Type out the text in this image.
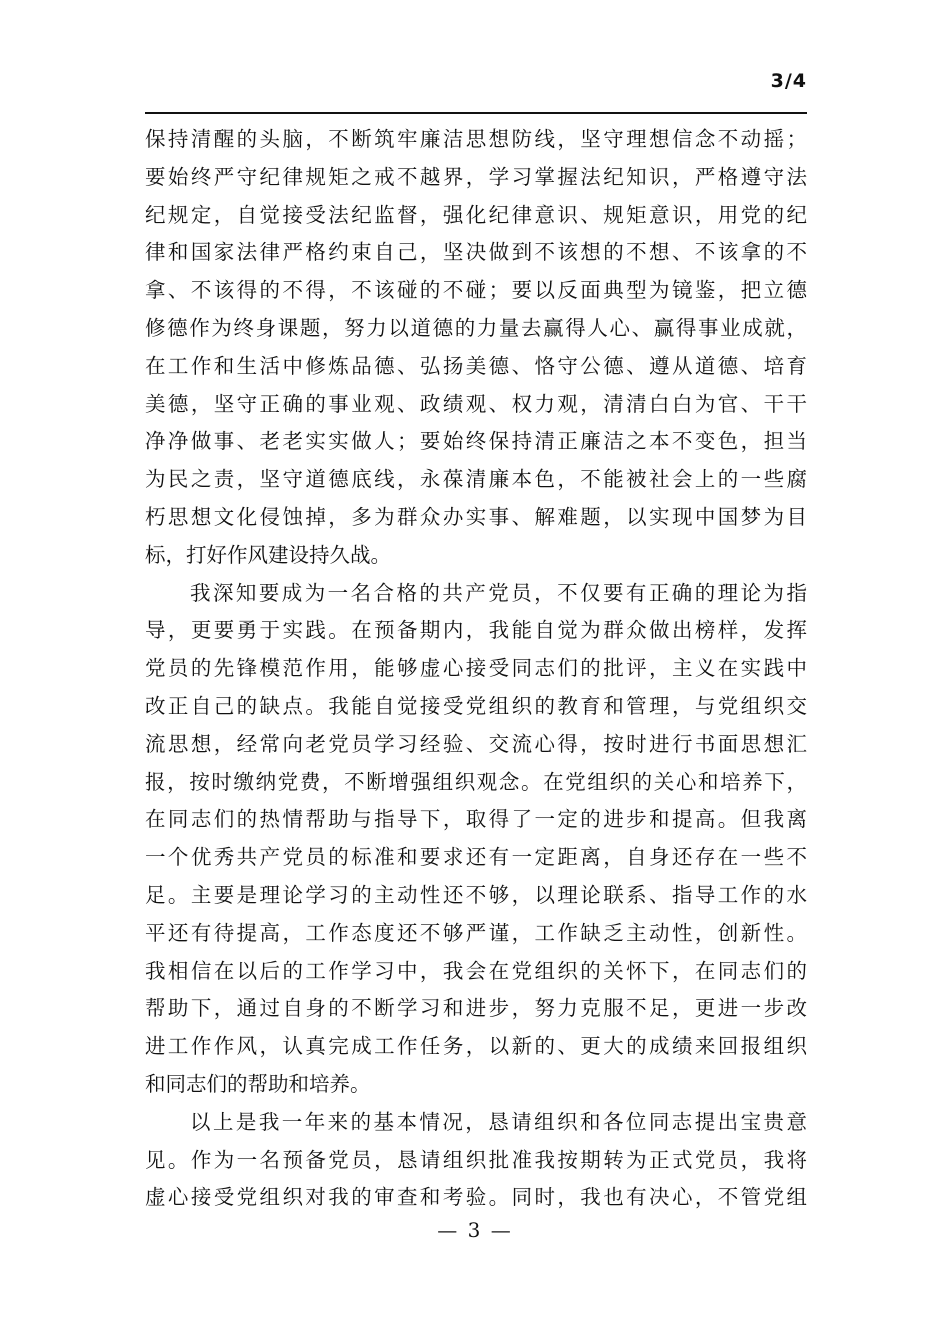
3/4
保持清醒的头脑，不断筑牢廉洁思想防线，坚守理想信念不动摇；
要始终严守纪律规矩之戒不越界，学习掌握法纪知识，严格遵守法
纪规定，自觉接受法纪监督，强化纪律意识、规矩意识，用党的纪
律和国家法律严格约束自己，坚决做到不该想的不想、不该拿的不
拿、不该得的不得，不该碰的不碰；要以反面典型为镜鉴，把立德
修德作为终身课题，努力以道德的力量去赢得人心、赢得事业成就，
在工作和生活中修炼品德、弘扬美德、恪守公德、遵从道德、培育
美德，坚守正确的事业观、政绩观、权力观，清清白白为官、干干
净净做事、老老实实做人；要始终保持清正廉洁之本不变色，担当
为民之责，坚守道德底线，永葆清廉本色，不能被社会上的一些腐
朽思想文化侵蚀掉，多为群众办实事、解难题，以实现中国梦为目
标，打好作风建设持久战。
我深知要成为一名合格的共产党员，不仅要有正确的理论为指
导，更要勇于实践。在预备期内，我能自觉为群众做出榜样，发挥
党员的先锋模范作用，能够虚心接受同志们的批评，主义在实践中
改正自己的缺点。我能自觉接受党组织的教育和管理，与党组织交
流思想，经常向老党员学习经验、交流心得，按时进行书面思想汇
报，按时缴纳党费，不断增强组织观念。在党组织的关心和培养下，
在同志们的热情帮助与指导下，取得了一定的进步和提高。但我离
一个优秀共产党员的标准和要求还有一定距离，自身还存在一些不
足。主要是理论学习的主动性还不够，以理论联系、指导工作的水
平还有待提高，工作态度还不够严谨，工作缺乏主动性，创新性。
我相信在以后的工作学习中，我会在党组织的关怀下，在同志们的
帮助下，通过自身的不断学习和进步，努力克服不足，更进一步改
进工作作风，认真完成工作任务，以新的、更大的成绩来回报组织
和同志们的帮助和培养。
以上是我一年来的基本情况，恳请组织和各位同志提出宝贵意
见。作为一名预备党员，恳请组织批准我按期转为正式党员，我将
虚心接受党组织对我的审查和考验。同时，我也有决心，不管党组
— 3 —
